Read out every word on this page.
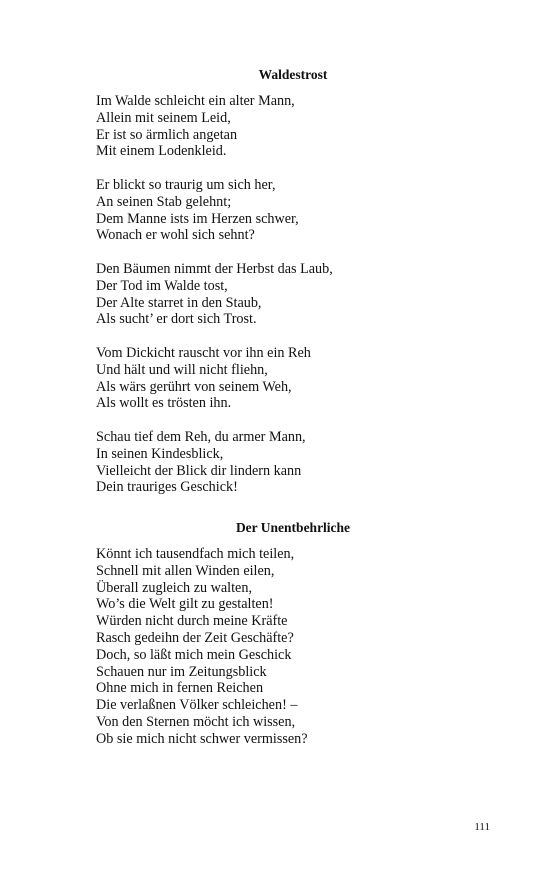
Waldestrost

Im Walde schleicht ein alter Mann,
Allein mit seinem Leid,
Er ist so ärmlich angetan
Mit einem Lodenkleid.

Er blickt so traurig um sich her,
An seinen Stab gelehnt;
Dem Manne ists im Herzen schwer,
Wonach er wohl sich sehnt?

Den Bäumen nimmt der Herbst das Laub,
Der Tod im Walde tost,
Der Alte starret in den Staub,
Als sucht’ er dort sich Trost.

Vom Dickicht rauscht vor ihn ein Reh
Und hält und will nicht fliehn,
Als wärs gerührt von seinem Weh,
Als wollt es trösten ihn.

Schau tief dem Reh, du armer Mann,
In seinen Kindesblick,
Vielleicht der Blick dir lindern kann
Dein trauriges Geschick!

Der Unentbehrliche

Könnt ich tausendfach mich teilen,
Schnell mit allen Winden eilen,
Überall zugleich zu walten,
Wo’s die Welt gilt zu gestalten!
Würden nicht durch meine Kräfte
Rasch gedeihn der Zeit Geschäfte?
Doch, so läßt mich mein Geschick
Schauen nur im Zeitungsblick
Ohne mich in fernen Reichen
Die verlaßnen Völker schleichen! –
Von den Sternen möcht ich wissen,
Ob sie mich nicht schwer vermissen?

111
